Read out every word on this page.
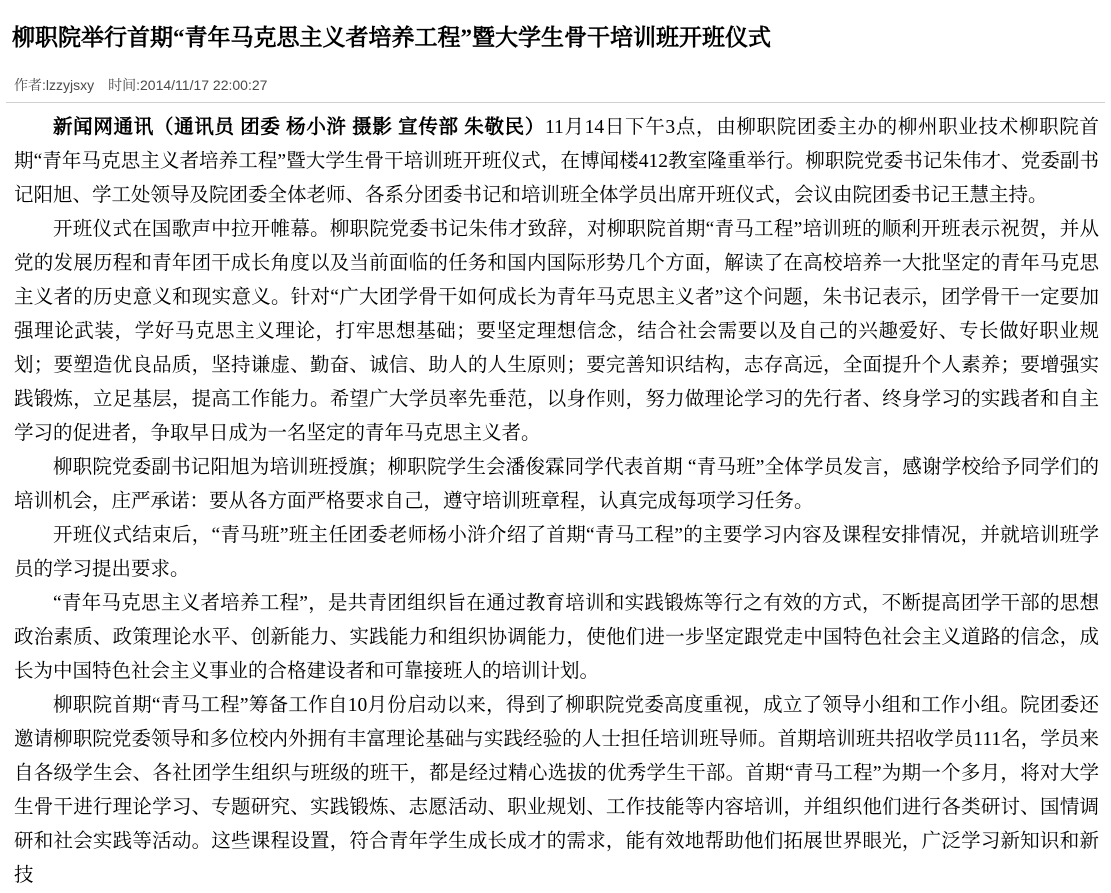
柳职院举行首期“青年马克思主义者培养工程”暨大学生骨干培训班开班仪式
作者:lzzyjsxy 时间:2014/11/17 22:00:27

新闻网通讯（通讯员 团委 杨小浒 摄影 宣传部 朱敬民）11月14日下午3点，由柳职院团委主办的柳州职业技术柳职院首期“青年马克思主义者培养工程”暨大学生骨干培训班开班仪式，在博闻楼412教室隆重举行。柳职院党委书记朱伟才、党委副书记阳旭、学工处领导及院团委全体老师、各系分团委书记和培训班全体学员出席开班仪式，会议由院团委书记王慧主持。

开班仪式在国歌声中拉开帷幕。柳职院党委书记朱伟才致辞，对柳职院首期“青马工程”培训班的顺利开班表示祝贺，并从党的发展历程和青年团干成长角度以及当前面临的任务和国内国际形势几个方面，解读了在高校培养一大批坚定的青年马克思主义者的历史意义和现实意义。针对“广大团学骨干如何成长为青年马克思主义者”这个问题，朱书记表示，团学骨干一定要加强理论武装，学好马克思主义理论，打牢思想基础；要坚定理想信念，结合社会需要以及自己的兴趣爱好、专长做好职业规划；要塑造优良品质，坚持谦虚、勤奋、诚信、助人的人生原则；要完善知识结构，志存高远，全面提升个人素养；要增强实践锻炼，立足基层，提高工作能力。希望广大学员率先垂范，以身作则，努力做理论学习的先行者、终身学习的实践者和自主学习的促进者，争取早日成为一名坚定的青年马克思主义者。

柳职院党委副书记阳旭为培训班授旗；柳职院学生会潘俊霖同学代表首期 “青马班”全体学员发言，感谢学校给予同学们的培训机会，庄严承诺：要从各方面严格要求自己，遵守培训班章程，认真完成每项学习任务。

开班仪式结束后，“青马班”班主任团委老师杨小浒介绍了首期“青马工程”的主要学习内容及课程安排情况，并就培训班学员的学习提出要求。

“青年马克思主义者培养工程”，是共青团组织旨在通过教育培训和实践锻炼等行之有效的方式，不断提高团学干部的思想政治素质、政策理论水平、创新能力、实践能力和组织协调能力，使他们进一步坚定跟党走中国特色社会主义道路的信念，成长为中国特色社会主义事业的合格建设者和可靠接班人的培训计划。

柳职院首期“青马工程”筹备工作自10月份启动以来，得到了柳职院党委高度重视，成立了领导小组和工作小组。院团委还邀请柳职院党委领导和多位校内外拥有丰富理论基础与实践经验的人士担任培训班导师。首期培训班共招收学员111名，学员来自各级学生会、各社团学生组织与班级的班干，都是经过精心选拔的优秀学生干部。首期“青马工程”为期一个多月，将对大学生骨干进行理论学习、专题研究、实践锻炼、志愿活动、职业规划、工作技能等内容培训，并组织他们进行各类研讨、国情调研和社会实践等活动。这些课程设置，符合青年学生成长成才的需求，能有效地帮助他们拓展世界眼光，广泛学习新知识和新技
